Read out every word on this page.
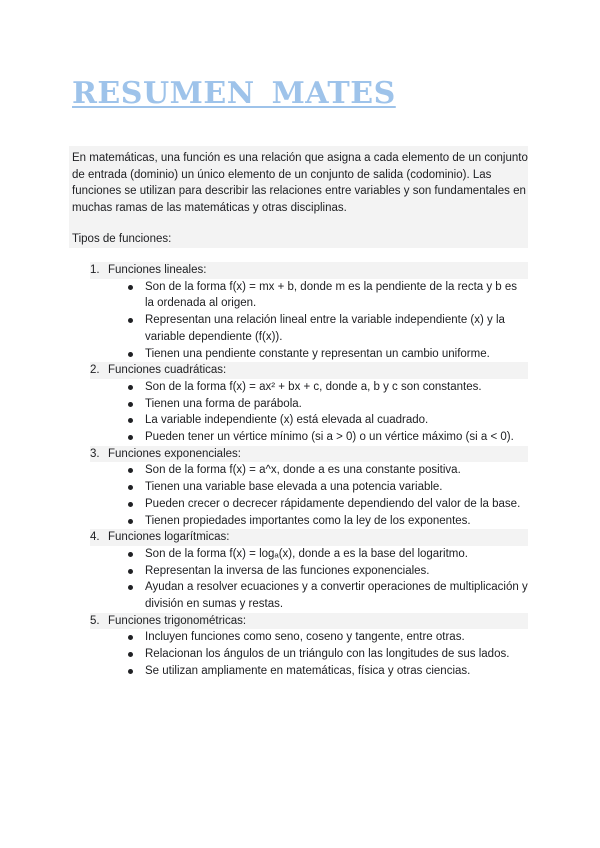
RESUMEN MATES

En matemáticas, una función es una relación que asigna a cada elemento de un conjunto de entrada (dominio) un único elemento de un conjunto de salida (codominio). Las funciones se utilizan para describir las relaciones entre variables y son fundamentales en muchas ramas de las matemáticas y otras disciplinas.

Tipos de funciones:

1. Funciones lineales:
Son de la forma f(x) = mx + b, donde m es la pendiente de la recta y b es la ordenada al origen.
Representan una relación lineal entre la variable independiente (x) y la variable dependiente (f(x)).
Tienen una pendiente constante y representan un cambio uniforme.
2. Funciones cuadráticas:
Son de la forma f(x) = ax² + bx + c, donde a, b y c son constantes.
Tienen una forma de parábola.
La variable independiente (x) está elevada al cuadrado.
Pueden tener un vértice mínimo (si a > 0) o un vértice máximo (si a < 0).
3. Funciones exponenciales:
Son de la forma f(x) = a^x, donde a es una constante positiva.
Tienen una variable base elevada a una potencia variable.
Pueden crecer o decrecer rápidamente dependiendo del valor de la base.
Tienen propiedades importantes como la ley de los exponentes.
4. Funciones logarítmicas:
Son de la forma f(x) = logₐ(x), donde a es la base del logaritmo.
Representan la inversa de las funciones exponenciales.
Ayudan a resolver ecuaciones y a convertir operaciones de multiplicación y división en sumas y restas.
5. Funciones trigonométricas:
Incluyen funciones como seno, coseno y tangente, entre otras.
Relacionan los ángulos de un triángulo con las longitudes de sus lados.
Se utilizan ampliamente en matemáticas, física y otras ciencias.
